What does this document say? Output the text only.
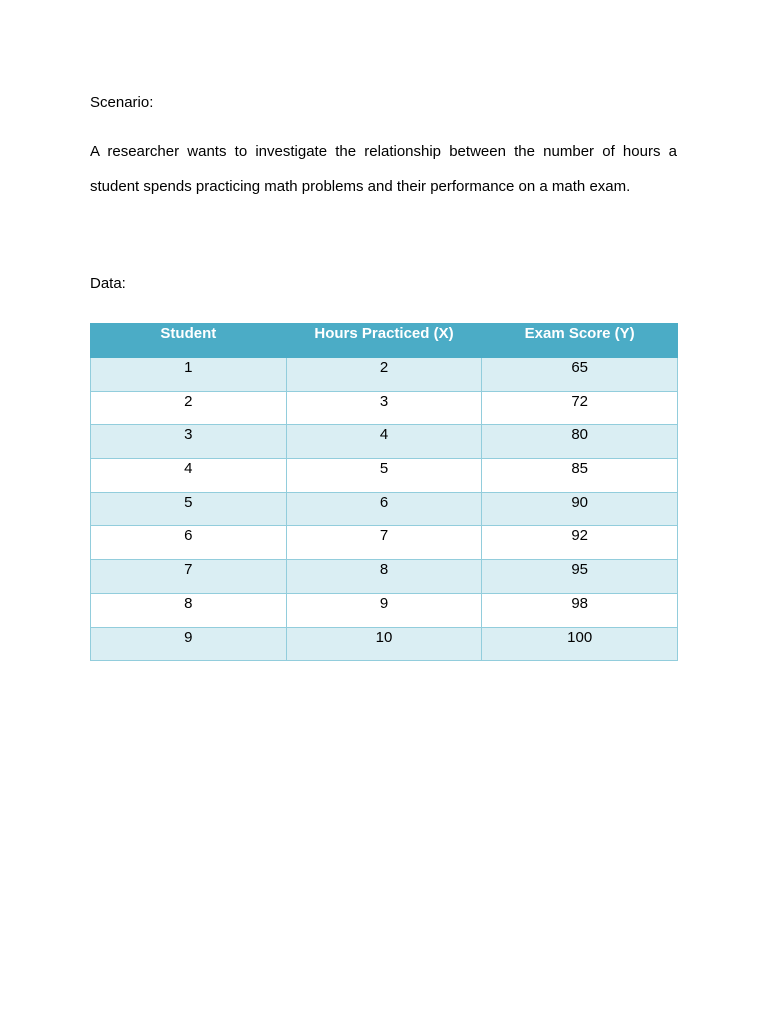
Scenario:
A researcher wants to investigate the relationship between the number of hours a student spends practicing math problems and their performance on a math exam.
Data:
Student	Hours Practiced (X)	Exam Score (Y)
1	2	65
2	3	72
3	4	80
4	5	85
5	6	90
6	7	92
7	8	95
8	9	98
9	10	100
